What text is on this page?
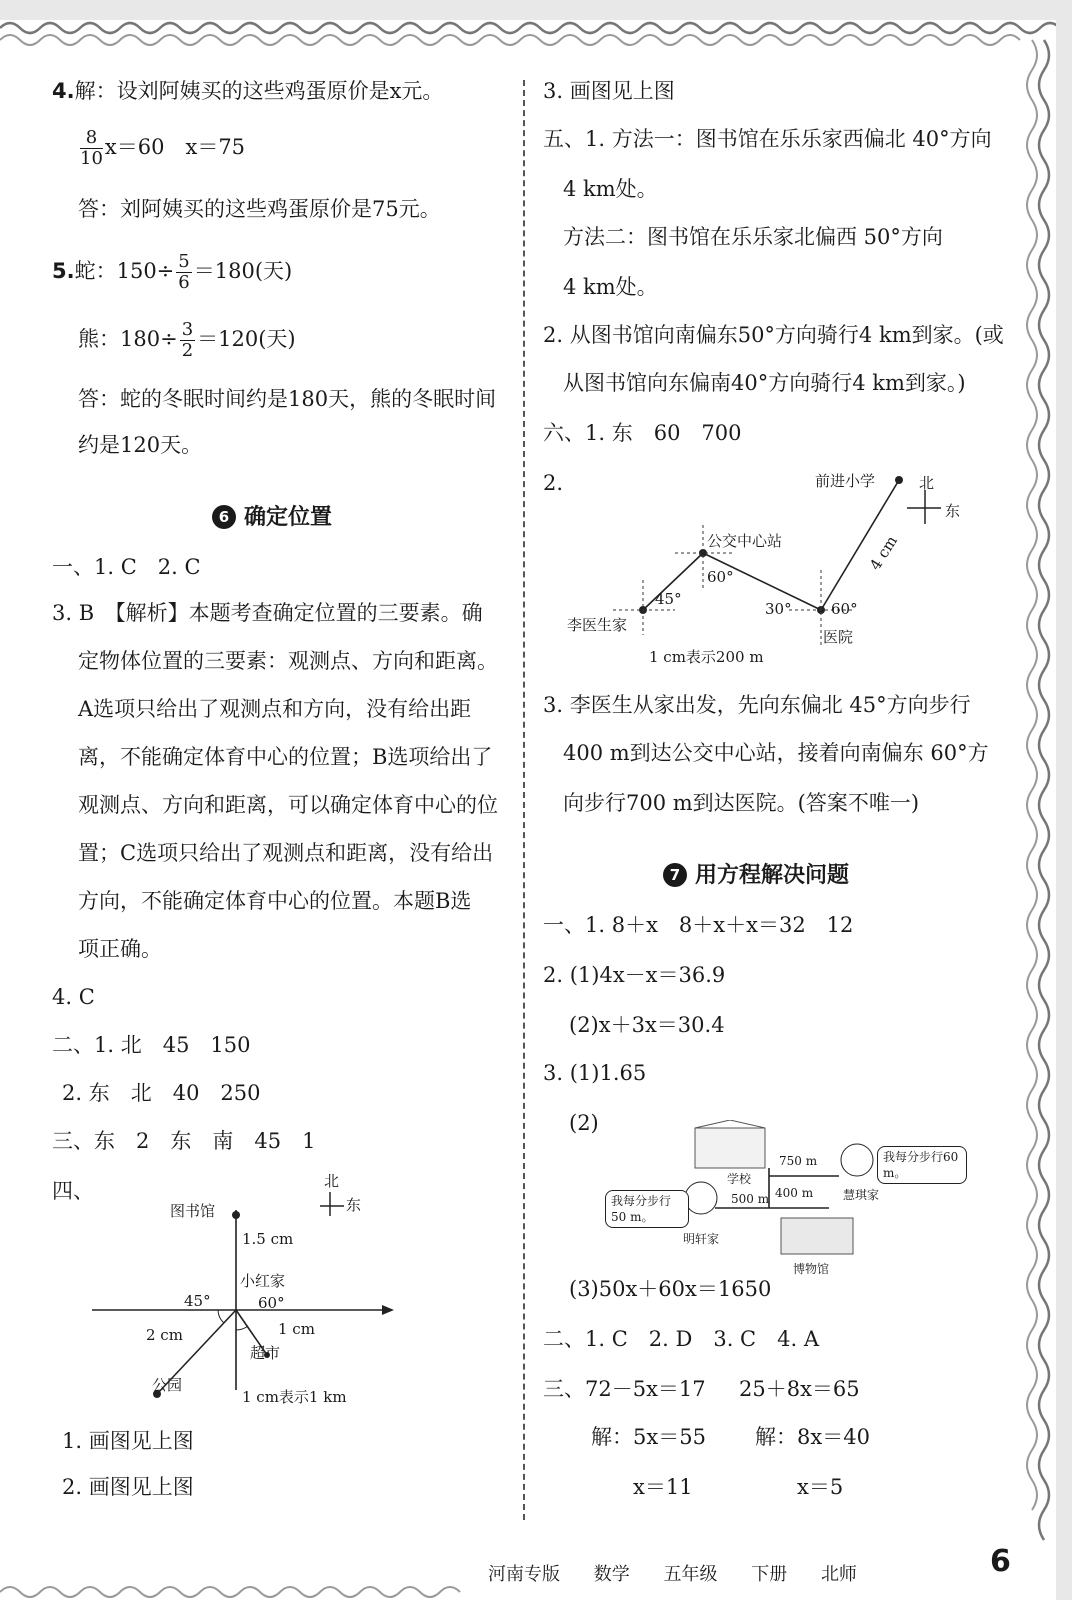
4.解：设刘阿姨买的这些鸡蛋原价是x元。
$\frac{8}{10} x=60$　x＝75
答：刘阿姨买的这些鸡蛋原价是75元。
5.蛇：$150\div \frac{5}{6} =180$(天)
熊：$180\div \frac{3}{2} =120$(天)
答：蛇的冬眠时间约是180天，熊的冬眠时间
约是120天。
6 确定位置
一、1. C　2. C
3. B　【解析】本题考查确定位置的三要素。确
定物体位置的三要素：观测点、方向和距离。
A选项只给出了观测点和方向，没有给出距
离，不能确定体育中心的位置；B选项给出了
观测点、方向和距离，可以确定体育中心的位
置；C选项只给出了观测点和距离，没有给出
方向，不能确定体育中心的位置。本题B选
项正确。
4. C
二、1. 北　45　150
2. 东　北　40　250
三、东　2　东　南　45　1
四、
图书馆
1.5 cm
小红家
45°	60°
2 cm	1 cm
超市
公园
1 cm表示1 km
北
东
1. 画图见上图
2. 画图见上图
3. 画图见上图
五、1. 方法一：图书馆在乐乐家西偏北 40°方向
4 km处。
方法二：图书馆在乐乐家北偏西 50°方向
4 km处。
2. 从图书馆向南偏东50°方向骑行4 km到家。(或
从图书馆向东偏南40°方向骑行4 km到家。)
六、1. 东　60　700
2.	前进小学	北
东
公交中心站
60°
45°
30°	60°
4 cm
李医生家
医院
1 cm表示200 m
3. 李医生从家出发，先向东偏北 45°方向步行
400 m到达公交中心站，接着向南偏东 60°方
向步行700 m到达医院。(答案不唯一)
7 用方程解决问题
一、1. 8＋x　8＋x＋x＝32　12
2. (1)4x－x＝36.9
(2)x＋3x＝30.4
3. (1)1.65
(2)
学校
750 m
500 m 400 m 慧琪家
明轩家
博物馆
我每分步行60 m。
我每分步行50 m。
(3)50x＋60x＝1650
二、1. C　2. D　3. C　4. A
三、72－5x＝17 25＋8x＝65
解：5x＝55 解：8x＝40
x＝11	x＝5
河南专版 数学 五年级 下册 北师	6
